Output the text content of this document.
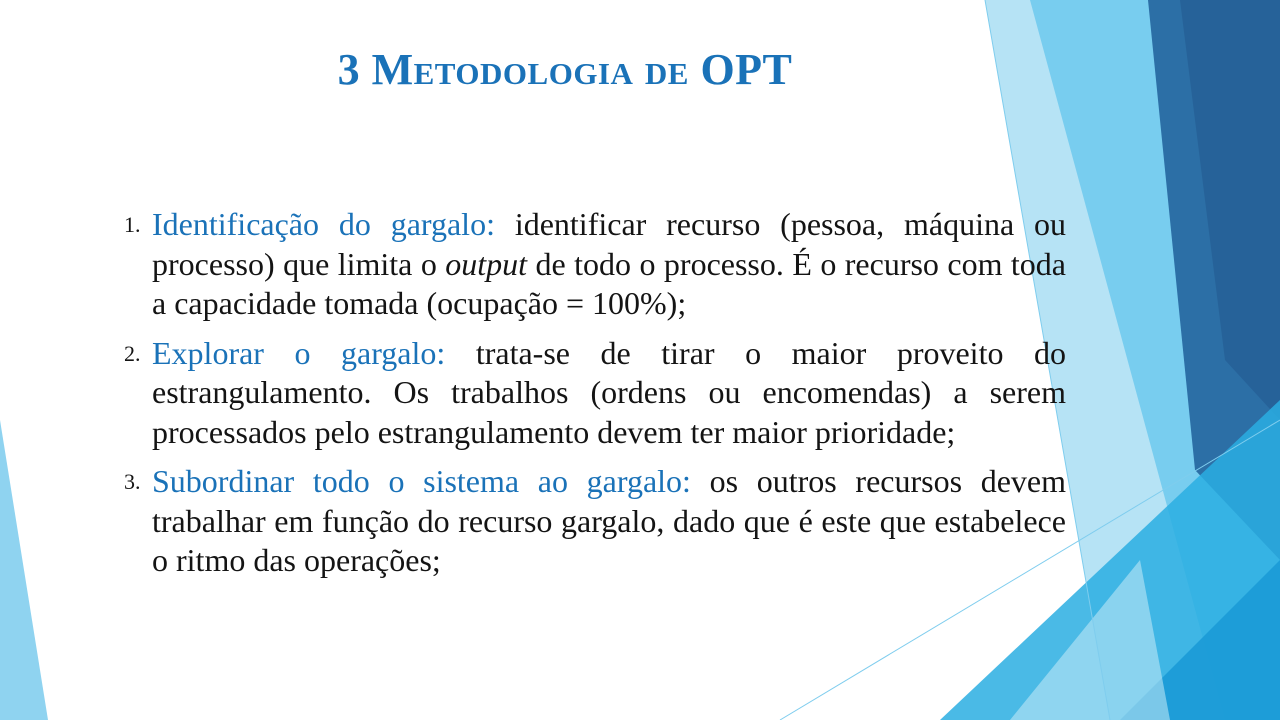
3 Metodologia de OPT
1. Identificação do gargalo: identificar recurso (pessoa, máquina ou processo) que limita o output de todo o processo. É o recurso com toda a capacidade tomada (ocupação = 100%);
2. Explorar o gargalo: trata-se de tirar o maior proveito do estrangulamento. Os trabalhos (ordens ou encomendas) a serem processados pelo estrangulamento devem ter maior prioridade;
3. Subordinar todo o sistema ao gargalo: os outros recursos devem trabalhar em função do recurso gargalo, dado que é este que estabelece o ritmo das operações;
